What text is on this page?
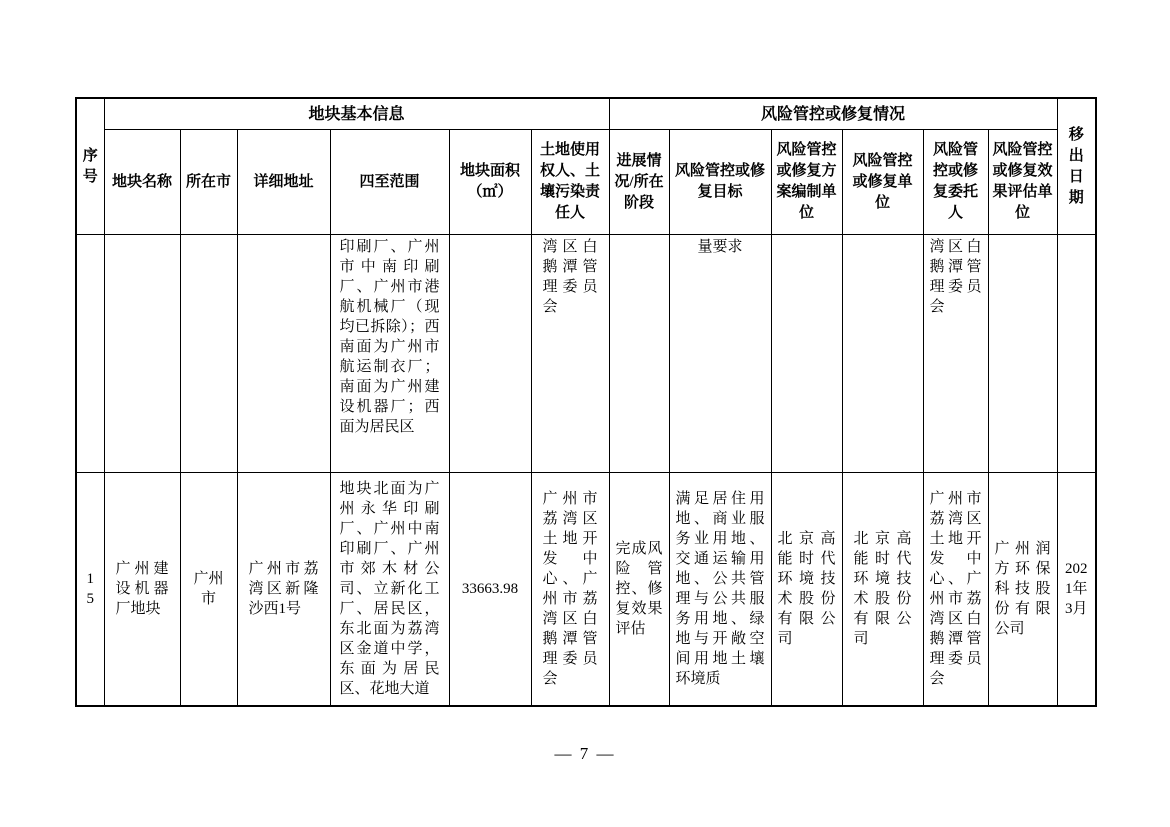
序号	地块基本信息						风险管控或修复情况						移出日期
	地块名称	所在市	详细地址	四至范围	地块面积（㎡）	土地使用权人、土壤污染责任人	进展情况/所在阶段	风险管控或修复目标	风险管控或修复方案编制单位	风险管控或修复单位	风险管控或修复委托人	风险管控或修复效果评估单位	
				印刷厂、广州市中南印刷厂、广州市港航机械厂（现均已拆除）；西南面为广州市航运制衣厂；南面为广州建设机器厂；西面为居民区		湾区白鹅潭管理委员会		量要求			湾区白鹅潭管理委员会		
15	广州建设机器厂地块	广州市	广州市荔湾区新隆沙西1号	地块北面为广州永华印刷厂、广州中南印刷厂、广州市郊木材公司、立新化工厂、居民区，东北面为荔湾区金道中学，东面为居民区、花地大道	33663.98	广州市荔湾区土地开发中心、广州市荔湾区白鹅潭管理委员会	完成风险管控、修复效果评估	满足居住用地、商业服务业用地、交通运输用地、公共管理与公共服务用地、绿地与开敞空间用地土壤环境质	北京高能时代环境技术股份有限公司	北京高能时代环境技术股份有限公司	广州市荔湾区土地开发中心、广州市荔湾区白鹅潭管理委员会	广州润方环保科技股份有限公司	2021年3月
— 7 —
